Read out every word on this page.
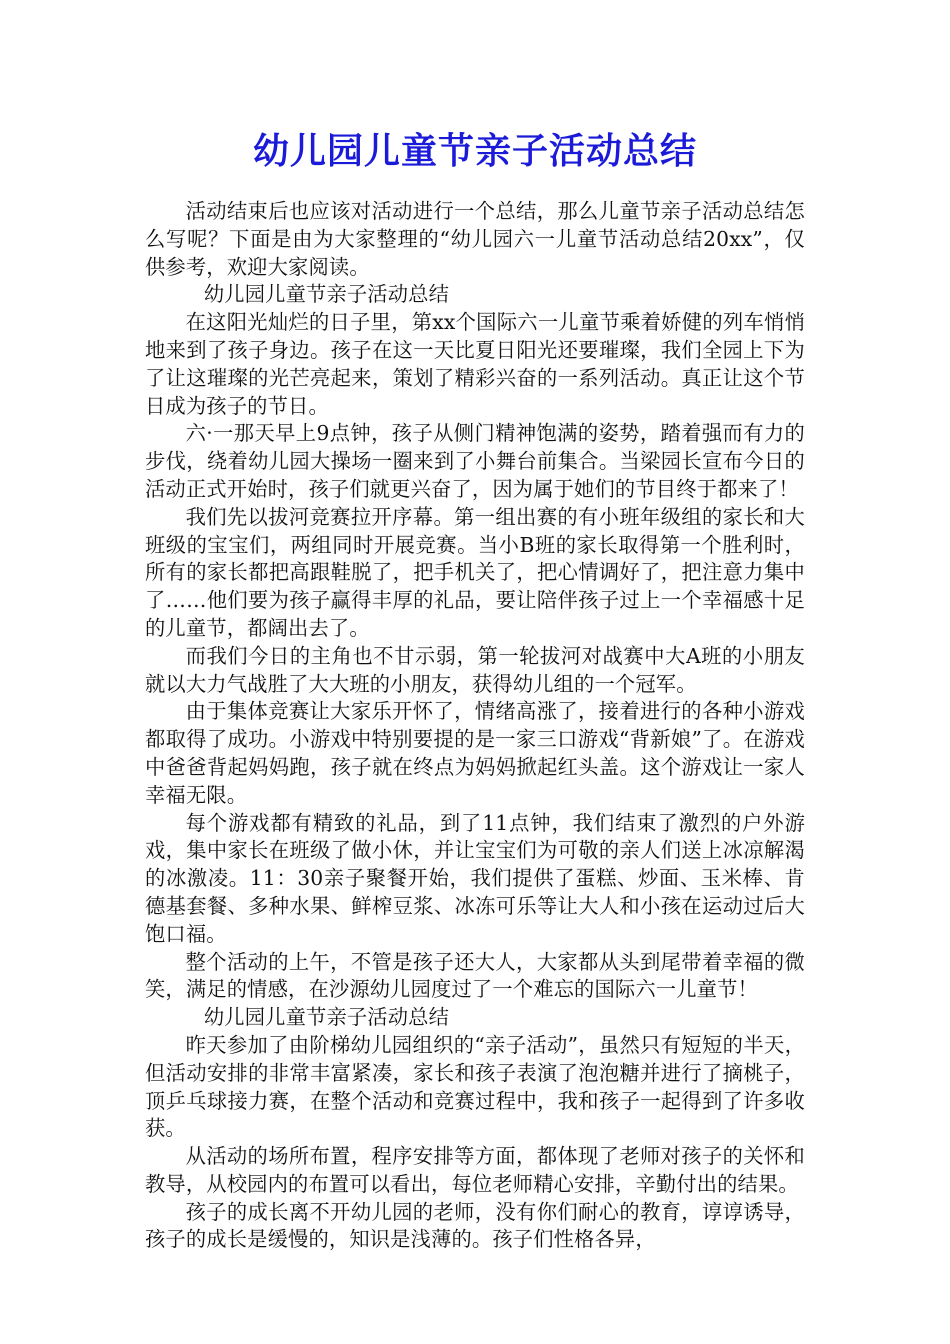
幼儿园儿童节亲子活动总结

活动结束后也应该对活动进行一个总结，那么儿童节亲子活动总结怎么写呢？下面是由为大家整理的“幼儿园六一儿童节活动总结20xx”，仅供参考，欢迎大家阅读。

幼儿园儿童节亲子活动总结

在这阳光灿烂的日子里，第xx个国际六一儿童节乘着娇健的列车悄悄地来到了孩子身边。孩子在这一天比夏日阳光还要璀璨，我们全园上下为了让这璀璨的光芒亮起来，策划了精彩兴奋的一系列活动。真正让这个节日成为孩子的节日。

六·一那天早上9点钟，孩子从侧门精神饱满的姿势，踏着强而有力的步伐，绕着幼儿园大操场一圈来到了小舞台前集合。当梁园长宣布今日的活动正式开始时，孩子们就更兴奋了，因为属于她们的节目终于都来了！

我们先以拔河竞赛拉开序幕。第一组出赛的有小班年级组的家长和大班级的宝宝们，两组同时开展竞赛。当小B班的家长取得第一个胜利时，所有的家长都把高跟鞋脱了，把手机关了，把心情调好了，把注意力集中了……他们要为孩子赢得丰厚的礼品，要让陪伴孩子过上一个幸福感十足的儿童节，都阔出去了。

而我们今日的主角也不甘示弱，第一轮拔河对战赛中大A班的小朋友就以大力气战胜了大大班的小朋友，获得幼儿组的一个冠军。

由于集体竞赛让大家乐开怀了，情绪高涨了，接着进行的各种小游戏都取得了成功。小游戏中特别要提的是一家三口游戏“背新娘”了。在游戏中爸爸背起妈妈跑，孩子就在终点为妈妈掀起红头盖。这个游戏让一家人幸福无限。

每个游戏都有精致的礼品，到了11点钟，我们结束了激烈的户外游戏，集中家长在班级了做小休，并让宝宝们为可敬的亲人们送上冰凉解渴的冰激凌。11：30亲子聚餐开始，我们提供了蛋糕、炒面、玉米棒、肯德基套餐、多种水果、鲜榨豆浆、冰冻可乐等让大人和小孩在运动过后大饱口福。

整个活动的上午，不管是孩子还大人，大家都从头到尾带着幸福的微笑，满足的情感，在沙源幼儿园度过了一个难忘的国际六一儿童节！

幼儿园儿童节亲子活动总结

昨天参加了由阶梯幼儿园组织的“亲子活动”，虽然只有短短的半天，但活动安排的非常丰富紧凑，家长和孩子表演了泡泡糖并进行了摘桃子，顶乒乓球接力赛，在整个活动和竞赛过程中，我和孩子一起得到了许多收获。

从活动的场所布置，程序安排等方面，都体现了老师对孩子的关怀和教导，从校园内的布置可以看出，每位老师精心安排，辛勤付出的结果。

孩子的成长离不开幼儿园的老师，没有你们耐心的教育，谆谆诱导，孩子的成长是缓慢的，知识是浅薄的。孩子们性格各异，
